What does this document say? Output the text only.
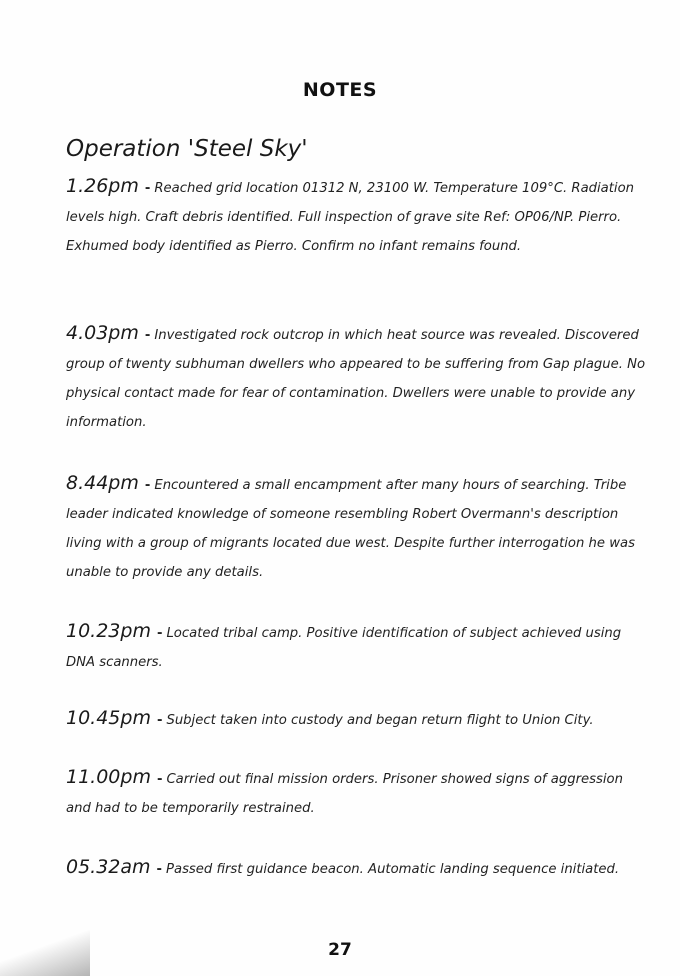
NOTES
Operation 'Steel Sky'
1.26pm - Reached grid location 01312 N, 23100 W. Temperature 109°C. Radiation levels high. Craft debris identified. Full inspection of grave site Ref: OP06/NP. Pierro. Exhumed body identified as Pierro. Confirm no infant remains found.
4.03pm - Investigated rock outcrop in which heat source was revealed. Discovered group of twenty subhuman dwellers who appeared to be suffering from Gap plague. No physical contact made for fear of contamination. Dwellers were unable to provide any information.
8.44pm - Encountered a small encampment after many hours of searching. Tribe leader indicated knowledge of someone resembling Robert Overmann's description living with a group of migrants located due west. Despite further interrogation he was unable to provide any details.
10.23pm - Located tribal camp. Positive identification of subject achieved using DNA scanners.
10.45pm - Subject taken into custody and began return flight to Union City.
11.00pm - Carried out final mission orders. Prisoner showed signs of aggression and had to be temporarily restrained.
05.32am - Passed first guidance beacon. Automatic landing sequence initiated.
27
